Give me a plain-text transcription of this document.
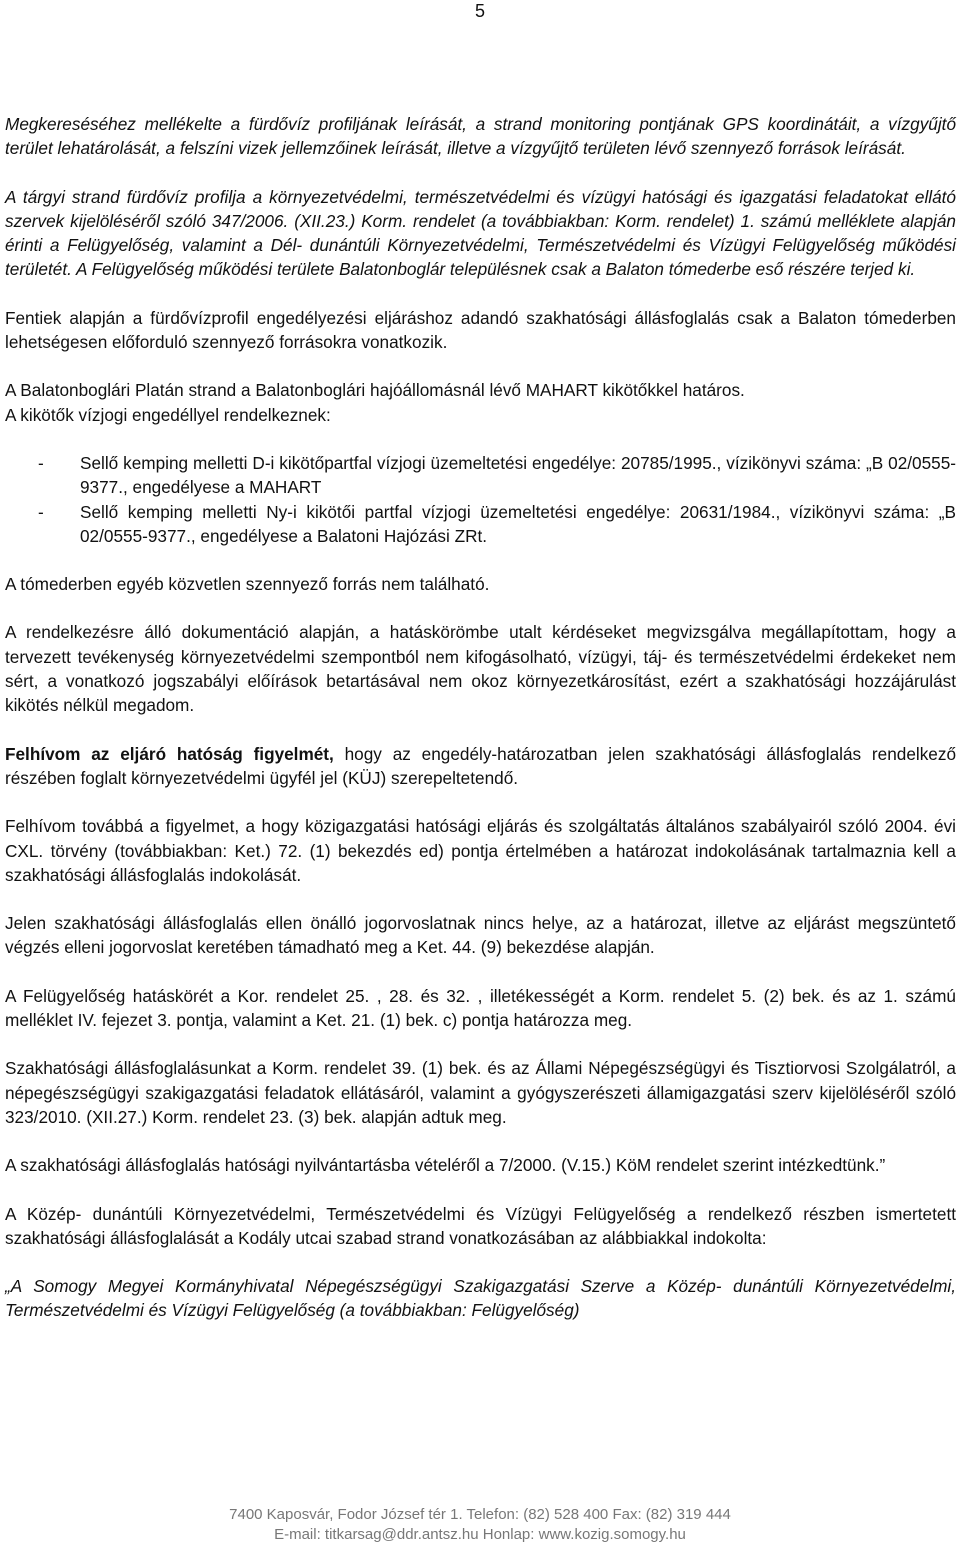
5

Megkereséséhez mellékelte a fürdővíz profiljának leírását, a strand monitoring pontjának GPS koordinátáit, a vízgyűjtő terület lehatárolását, a felszíni vizek jellemzőinek leírását, illetve a vízgyűjtő területen lévő szennyező források leírását.

A tárgyi strand fürdővíz profilja a környezetvédelmi, természetvédelmi és vízügyi hatósági és igazgatási feladatokat ellátó szervek kijelöléséről szóló 347/2006. (XII.23.) Korm. rendelet (a továbbiakban: Korm. rendelet) 1. számú melléklete alapján érinti a Felügyelőség, valamint a Dél- dunántúli Környezetvédelmi, Természetvédelmi és Vízügyi Felügyelőség működési területét. A Felügyelőség működési területe Balatonboglár településnek csak a Balaton tómederbe eső részére terjed ki.

Fentiek alapján a fürdővízprofil engedélyezési eljáráshoz adandó szakhatósági állásfoglalás csak a Balaton tómederben lehetségesen előforduló szennyező forrásokra vonatkozik.

A Balatonboglári Platán strand a Balatonboglári hajóállomásnál lévő MAHART kikötőkkel határos.

A kikötők vízjogi engedéllyel rendelkeznek:

- Sellő kemping melletti D-i kikötőpartfal vízjogi üzemeltetési engedélye: 20785/1995., vízikönyvi száma: „B 02/0555-9377., engedélyese a MAHART
- Sellő kemping melletti Ny-i kikötői partfal vízjogi üzemeltetési engedélye: 20631/1984., vízikönyvi száma: „B 02/0555-9377., engedélyese a Balatoni Hajózási ZRt.

A tómederben egyéb közvetlen szennyező forrás nem található.

A rendelkezésre álló dokumentáció alapján, a hatáskörömbe utalt kérdéseket megvizsgálva megállapítottam, hogy a tervezett tevékenység környezetvédelmi szempontból nem kifogásolható, vízügyi, táj- és természetvédelmi érdekeket nem sért, a vonatkozó jogszabályi előírások betartásával nem okoz környezetkárosítást, ezért a szakhatósági hozzájárulást kikötés nélkül megadom.

Felhívom az eljáró hatóság figyelmét, hogy az engedély-határozatban jelen szakhatósági állásfoglalás rendelkező részében foglalt környezetvédelmi ügyfél jel (KÜJ) szerepeltetendő.

Felhívom továbbá a figyelmet, a hogy közigazgatási hatósági eljárás és szolgáltatás általános szabályairól szóló 2004. évi CXL. törvény (továbbiakban: Ket.) 72. (1) bekezdés ed) pontja értelmében a határozat indokolásának tartalmaznia kell a szakhatósági állásfoglalás indokolását.

Jelen szakhatósági állásfoglalás ellen önálló jogorvoslatnak nincs helye, az a határozat, illetve az eljárást megszüntető végzés elleni jogorvoslat keretében támadható meg a Ket. 44. (9) bekezdése alapján.

A Felügyelőség hatáskörét a Kor. rendelet 25. , 28. és 32. , illetékességét a Korm. rendelet 5. (2) bek. és az 1. számú melléklet IV. fejezet 3. pontja, valamint a Ket. 21. (1) bek. c) pontja határozza meg.

Szakhatósági állásfoglalásunkat a Korm. rendelet 39. (1) bek. és az Állami Népegészségügyi és Tisztiorvosi Szolgálatról, a népegészségügyi szakigazgatási feladatok ellátásáról, valamint a gyógyszerészeti államigazgatási szerv kijelöléséről szóló 323/2010. (XII.27.) Korm. rendelet 23. (3) bek. alapján adtuk meg.

A szakhatósági állásfoglalás hatósági nyilvántartásba vételéről a 7/2000. (V.15.) KöM rendelet szerint intézkedtünk.”

A Közép- dunántúli Környezetvédelmi, Természetvédelmi és Vízügyi Felügyelőség a rendelkező részben ismertetett szakhatósági állásfoglalását a Kodály utcai szabad strand vonatkozásában az alábbiakkal indokolta:

„A Somogy Megyei Kormányhivatal Népegészségügyi Szakigazgatási Szerve a Közép- dunántúli Környezetvédelmi, Természetvédelmi és Vízügyi Felügyelőség (a továbbiakban: Felügyelőség)

7400 Kaposvár, Fodor József tér 1. Telefon: (82) 528 400 Fax: (82) 319 444
E-mail: titkarsag@ddr.antsz.hu Honlap: www.kozig.somogy.hu
